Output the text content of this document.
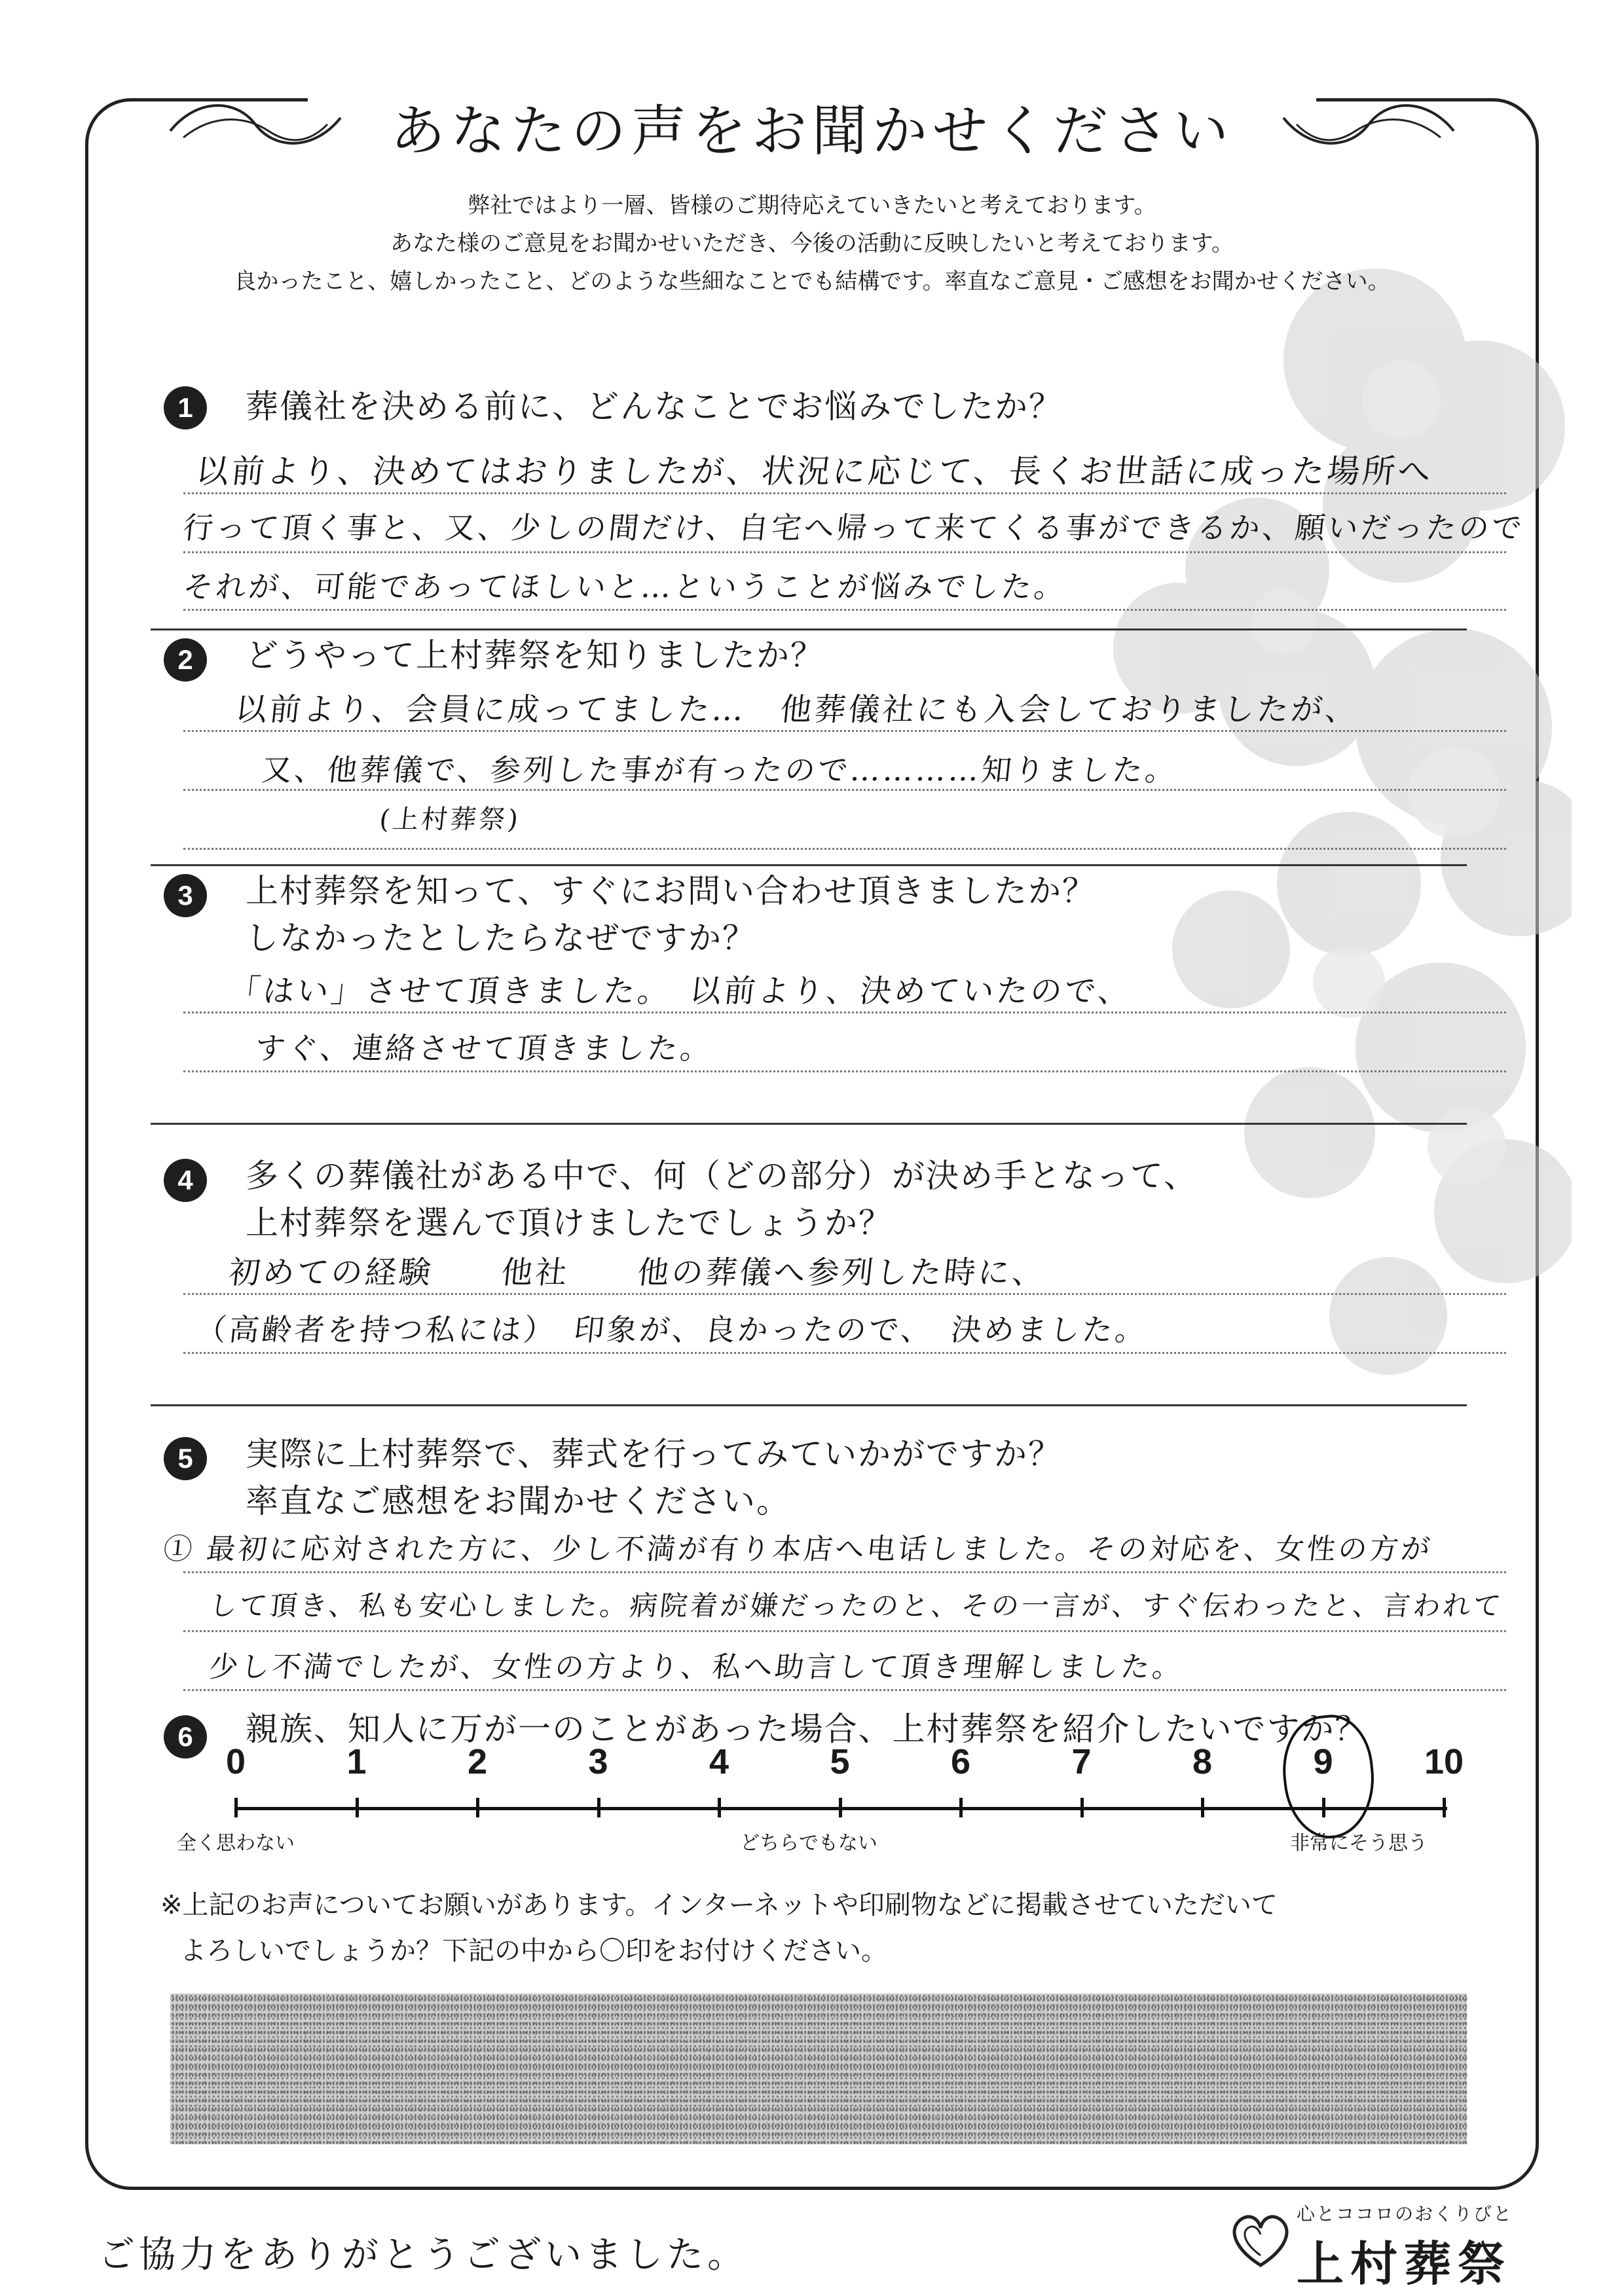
あなたの声をお聞かせください
弊社ではより一層、皆様のご期待応えていきたいと考えております。
あなた様のご意見をお聞かせいただき、今後の活動に反映したいと考えております。
良かったこと、嬉しかったこと、どのような些細なことでも結構です。率直なご意見・ご感想をお聞かせください。
1	葬儀社を決める前に、どんなことでお悩みでしたか？
以前より、決めてはおりましたが、状況に応じて、長くお世話に成った場所へ
行って頂く事と、又、少しの間だけ、自宅へ帰って来てくる事ができるか、願いだったので
それが、可能であってほしいと…ということが悩みでした。
2	どうやって上村葬祭を知りましたか？
以前より、会員に成ってました…　他葬儀社にも入会しておりましたが、
又、他葬儀で、参列した事が有ったので…………知りました。
(上村葬祭)
3	上村葬祭を知って、すぐにお問い合わせ頂きましたか？
しなかったとしたらなぜですか？
「はい」させて頂きました。　以前より、決めていたので、
すぐ、連絡させて頂きました。
4	多くの葬儀社がある中で、何（どの部分）が決め手となって、
上村葬祭を選んで頂けましたでしょうか？
初めての経験　　他社　　他の葬儀へ参列した時に、
（高齢者を持つ私には）　印象が、良かったので、　決めました。
5	実際に上村葬祭で、葬式を行ってみていかがですか？
率直なご感想をお聞かせください。
① 最初に応対された方に、少し不満が有り本店へ电话しました。その対応を、女性の方が
して頂き、私も安心しました。病院着が嫌だったのと、その一言が、すぐ伝わったと、言われて
少し不満でしたが、女性の方より、私へ助言して頂き理解しました。
6	親族、知人に万が一のことがあった場合、上村葬祭を紹介したいですか？
0	1	2	3	4	5	6	7	8	9	10
全く思わない	どちらでもない	非常にそう思う
※上記のお声についてお願いがあります。インターネットや印刷物などに掲載させていただいて
よろしいでしょうか？下記の中から〇印をお付けください。
ご協力をありがとうございました。
心とココロのおくりびと
上村葬祭
